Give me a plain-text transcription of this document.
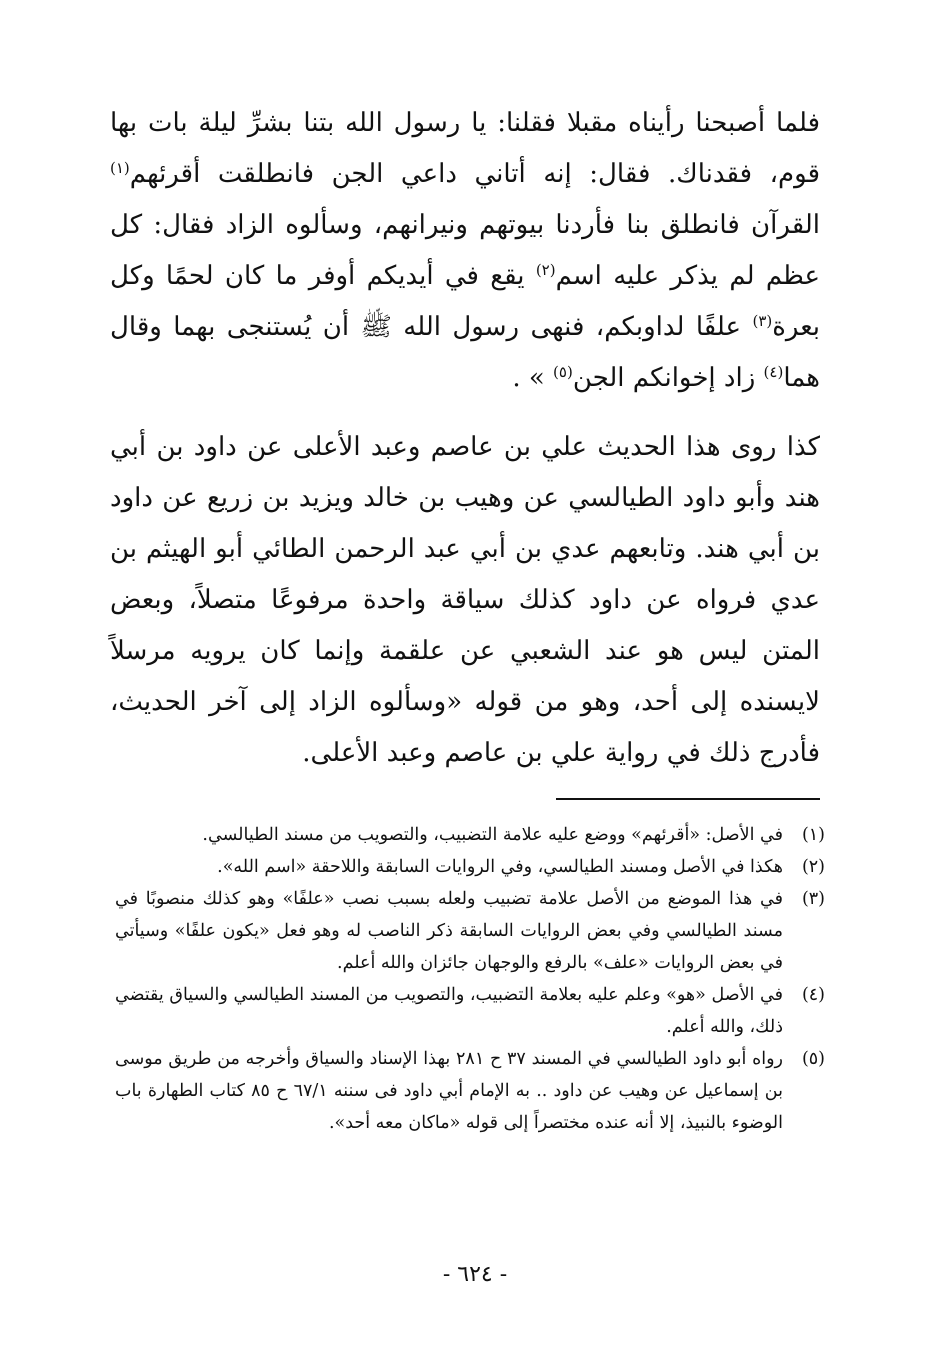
فلما أصبحنا رأيناه مقبلا فقلنا: يا رسول الله بتنا بشرِّ ليلة بات بها قوم، فقدناك. فقال: إنه أتاني داعي الجن فانطلقت أقرئهم$^{(١)}$ القرآن فانطلق بنا فأردنا بيوتهم ونيرانهم، وسألوه الزاد فقال: كل عظم لم يذكر عليه اسم$^{(٢)}$ يقع في أيديكم أوفر ما كان لحمًا وكل بعرة$^{(٣)}$ علفًا لداوبكم، فنهى رسول الله ﷺ أن يُستنجى بهما وقال هما$^{(٤)}$ زاد إخوانكم الجن$^{(٥)}$ » .

كذا روى هذا الحديث علي بن عاصم وعبد الأعلى عن داود بن أبي هند وأبو داود الطيالسي عن وهيب بن خالد ويزيد بن زريع عن داود بن أبي هند. وتابعهم عدي بن أبي عبد الرحمن الطائي أبو الهيثم بن عدي فرواه عن داود كذلك سياقة واحدة مرفوعًا متصلاً، وبعض المتن ليس هو عند الشعبي عن علقمة وإنما كان يرويه مرسلاً لايسنده إلى أحد، وهو من قوله «وسألوه الزاد إلى آخر الحديث، فأدرج ذلك في رواية علي بن عاصم وعبد الأعلى.

(١)
في الأصل: «أقرئهم» ووضع عليه علامة التضبيب، والتصويب من مسند الطيالسي.
(٢)
هكذا في الأصل ومسند الطيالسي، وفي الروايات السابقة واللاحقة «اسم الله».
(٣)
في هذا الموضع من الأصل علامة تضبيب ولعله بسبب نصب «علفًا» وهو كذلك منصوبًا في مسند الطيالسي وفي بعض الروايات السابقة ذكر الناصب له وهو فعل «يكون علفًا» وسيأتي في بعض الروايات «علف» بالرفع والوجهان جائزان والله أعلم.
(٤)
في الأصل «هو» وعلم عليه بعلامة التضبيب، والتصويب من المسند الطيالسي والسياق يقتضي ذلك، والله أعلم.
(٥)
رواه أبو داود الطيالسي في المسند ٣٧ ح ٢٨١ بهذا الإسناد والسياق وأخرجه من طريق موسى بن إسماعيل عن وهيب عن داود .. به الإمام أبي داود فى سننه ٦٧/١ ح ٨٥ كتاب الطهارة باب الوضوء بالنبيذ، إلا أنه عنده مختصراً إلى قوله «ماكان معه أحد».
- ٦٢٤ -
